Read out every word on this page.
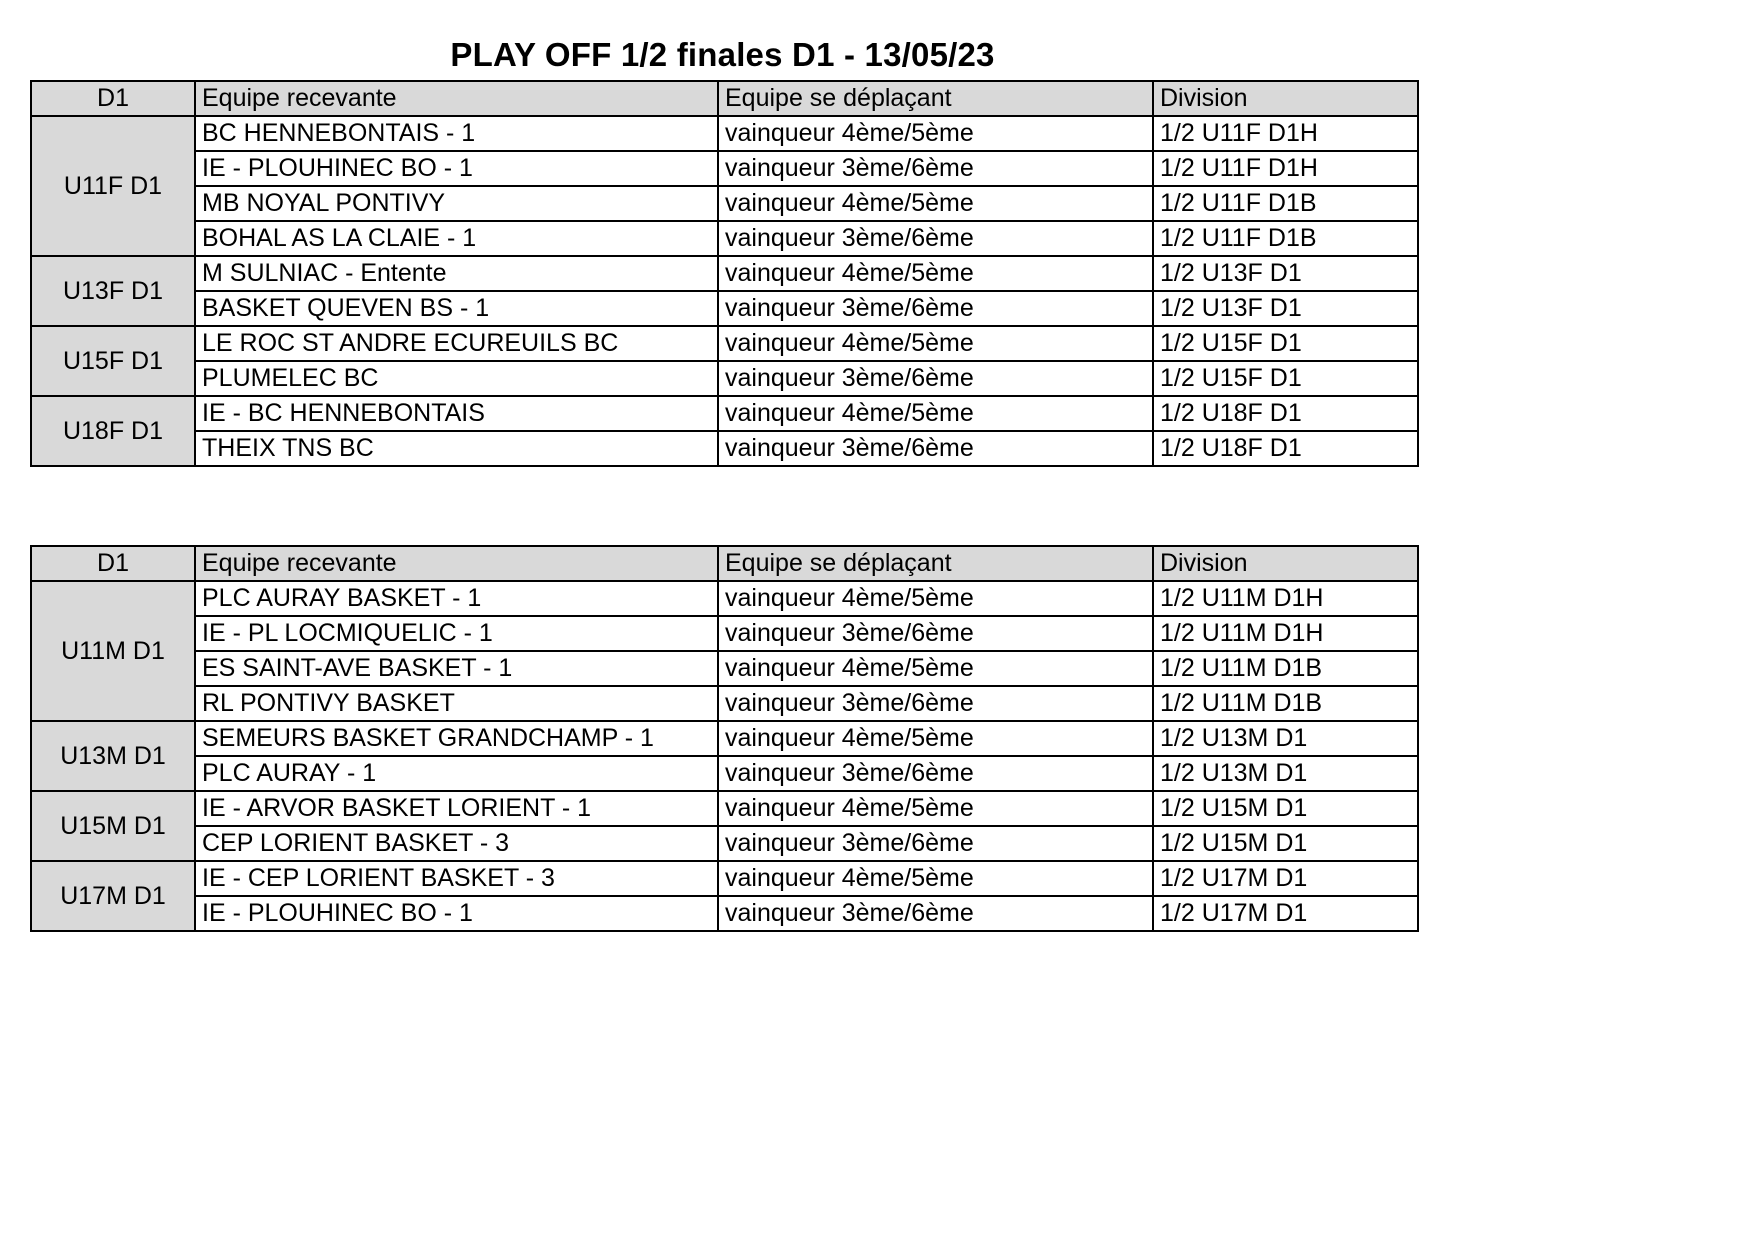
PLAY OFF 1/2 finales D1 - 13/05/23
D1	Equipe recevante	Equipe se déplaçant	Division
U11F D1	BC HENNEBONTAIS - 1	vainqueur 4ème/5ème	1/2 U11F D1H
	IE - PLOUHINEC BO - 1	vainqueur 3ème/6ème	1/2 U11F D1H
	MB NOYAL PONTIVY	vainqueur 4ème/5ème	1/2 U11F D1B
	BOHAL AS LA CLAIE - 1	vainqueur 3ème/6ème	1/2 U11F D1B
U13F D1	M SULNIAC - Entente	vainqueur 4ème/5ème	1/2 U13F D1
	BASKET QUEVEN BS - 1	vainqueur 3ème/6ème	1/2 U13F D1
U15F D1	LE ROC ST ANDRE ECUREUILS BC	vainqueur 4ème/5ème	1/2 U15F D1
	PLUMELEC BC	vainqueur 3ème/6ème	1/2 U15F D1
U18F D1	IE - BC HENNEBONTAIS	vainqueur 4ème/5ème	1/2 U18F D1
	THEIX TNS BC	vainqueur 3ème/6ème	1/2 U18F D1
D1	Equipe recevante	Equipe se déplaçant	Division
U11M D1	PLC AURAY BASKET - 1	vainqueur 4ème/5ème	1/2 U11M D1H
	IE - PL LOCMIQUELIC - 1	vainqueur 3ème/6ème	1/2 U11M D1H
	ES SAINT-AVE BASKET - 1	vainqueur 4ème/5ème	1/2 U11M D1B
	RL PONTIVY BASKET	vainqueur 3ème/6ème	1/2 U11M D1B
U13M D1	SEMEURS BASKET GRANDCHAMP - 1	vainqueur 4ème/5ème	1/2 U13M D1
	PLC AURAY - 1	vainqueur 3ème/6ème	1/2 U13M D1
U15M D1	IE - ARVOR BASKET LORIENT - 1	vainqueur 4ème/5ème	1/2 U15M D1
	CEP LORIENT BASKET - 3	vainqueur 3ème/6ème	1/2 U15M D1
U17M D1	IE - CEP LORIENT BASKET - 3	vainqueur 4ème/5ème	1/2 U17M D1
	IE - PLOUHINEC BO - 1	vainqueur 3ème/6ème	1/2 U17M D1
